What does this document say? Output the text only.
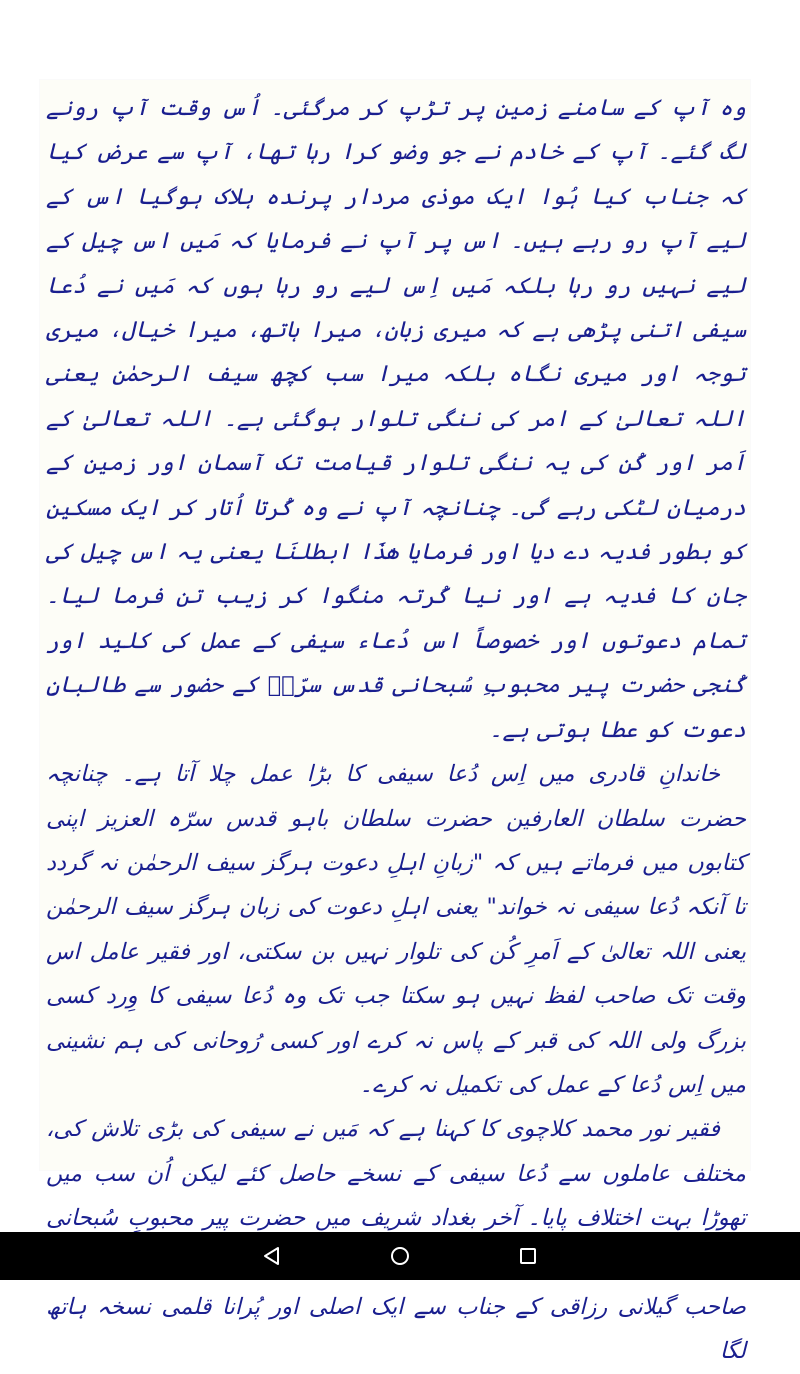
وہ آپ کے سامنے زمین پر تڑپ کر مرگئی۔ اُس وقت آپ رونے لگ گئے۔ آپ کے خادم نے جو وضو کرا رہا تھا، آپ سے عرض کیا کہ جناب کیا ہُوا ایک موذی مردار پرندہ ہلاک ہوگیا اس کے لیے آپ رو رہے ہیں۔ اس پر آپ نے فرمایا کہ مَیں اس چیل کے لیے نہیں رو رہا بلکہ مَیں اِس لیے رو رہا ہوں کہ مَیں نے دُعا سیفی اتنی پڑھی ہے کہ میری زبان، میرا ہاتھ، میرا خیال، میری توجہ اور میری نگاہ بلکہ میرا سب کچھ سیف الرحمٰن یعنی اللہ تعالیٰ کے امر کی ننگی تلوار ہوگئی ہے۔ اللہ تعالیٰ کے اَمر اور کُن کی یہ ننگی تلوار قیامت تک آسمان اور زمین کے درمیان لٹکی رہے گی۔ چنانچہ آپ نے وہ کُرتا اُتار کر ایک مسکین کو بطور فدیہ دے دیا اور فرمایا ھٰذَا ابطلنَا یعنی یہ اس چیل کی جان کا فدیہ ہے اور نیا کُرتہ منگوا کر زیب تن فرما لیا۔ تمام دعوتوں اور خصوصاً اس دُعاء سیفی کے عمل کی کلید اور کُنجی حضرت پیر محبوبِ سُبحانی قدس سرّہٗ کے حضور سے طالبانِ دعوت کو عطا ہوتی ہے۔

خاندانِ قادری میں اِس دُعا سیفی کا بڑا عمل چلا آتا ہے۔ چنانچہ حضرت سلطان العارفین حضرت سلطان باہو قدس سرّہ العزیز اپنی کتابوں میں فرماتے ہیں کہ "زبانِ اہلِ دعوت ہرگز سیف الرحمٰن نہ گردد تا آنکہ دُعا سیفی نہ خواند" یعنی اہلِ دعوت کی زبان ہرگز سیف الرحمٰن یعنی اللہ تعالیٰ کے اَمرِ کُن کی تلوار نہیں بن سکتی، اور فقیر عامل اس وقت تک صاحب لفظ نہیں ہو سکتا جب تک وہ دُعا سیفی کا وِرد کسی بزرگ ولی اللہ کی قبر کے پاس نہ کرے اور کسی رُوحانی کی ہم نشینی میں اِس دُعا کے عمل کی تکمیل نہ کرے۔

فقیر نور محمد کلاچوی کا کہنا ہے کہ مَیں نے سیفی کی بڑی تلاش کی، مختلف عاملوں سے دُعا سیفی کے نسخے حاصل کئے لیکن اُن سب میں تھوڑا بہت اختلاف پایا۔ آخر بغداد شریف میں حضرت پیر محبوبِ سُبحانی صاحب گیلانی رزاقی کے جناب سے ایک اصلی اور پُرانا قلمی نسخہ ہاتھ لگا
